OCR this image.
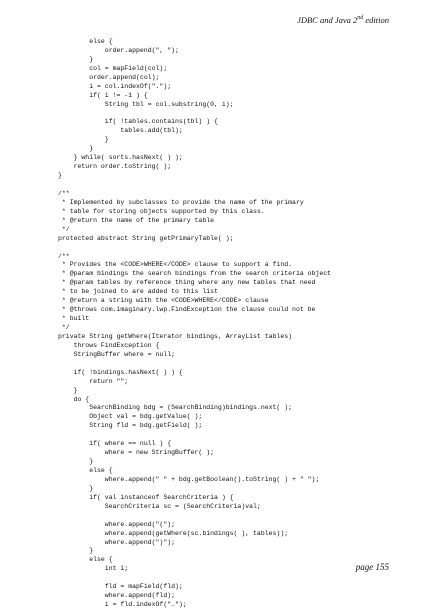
JDBC and Java 2nd edition
else {
order.append(", ");
}
col = mapField(col);
order.append(col);
i = col.indexOf(".");
if( i != -1 ) {
String tbl = col.substring(0, i);

if( !tables.contains(tbl) ) {
tables.add(tbl);
}
}
} while( sorts.hasNext( ) );
return order.toString( );
}

/**
* Implemented by subclasses to provide the name of the primary
* table for storing objects supported by this class.
* @return the name of the primary table
*/
protected abstract String getPrimaryTable( );

/**
* Provides the <CODE>WHERE</CODE> clause to support a find.
* @param bindings the search bindings from the search criteria object
* @param tables by reference thing where any new tables that need
* to be joined to are added to this list
* @return a string with the <CODE>WHERE</CODE> clause
* @throws com.imaginary.lwp.FindException the clause could not be
* built
*/
private String getWhere(Iterator bindings, ArrayList tables)
throws FindException {
StringBuffer where = null;

if( !bindings.hasNext( ) ) {
return "";
}
do {
SearchBinding bdg = (SearchBinding)bindings.next( );
Object val = bdg.getValue( );
String fld = bdg.getField( );

if( where == null ) {
where = new StringBuffer( );
}
else {
where.append(" " + bdg.getBoolean().toString( ) + " ");
}
if( val instanceof SearchCriteria ) {
SearchCriteria sc = (SearchCriteria)val;

where.append("(");
where.append(getWhere(sc.bindings( ), tables));
where.append(")");
}
else {
int i;

fld = mapField(fld);
where.append(fld);
i = fld.indexOf(".");
page 155
